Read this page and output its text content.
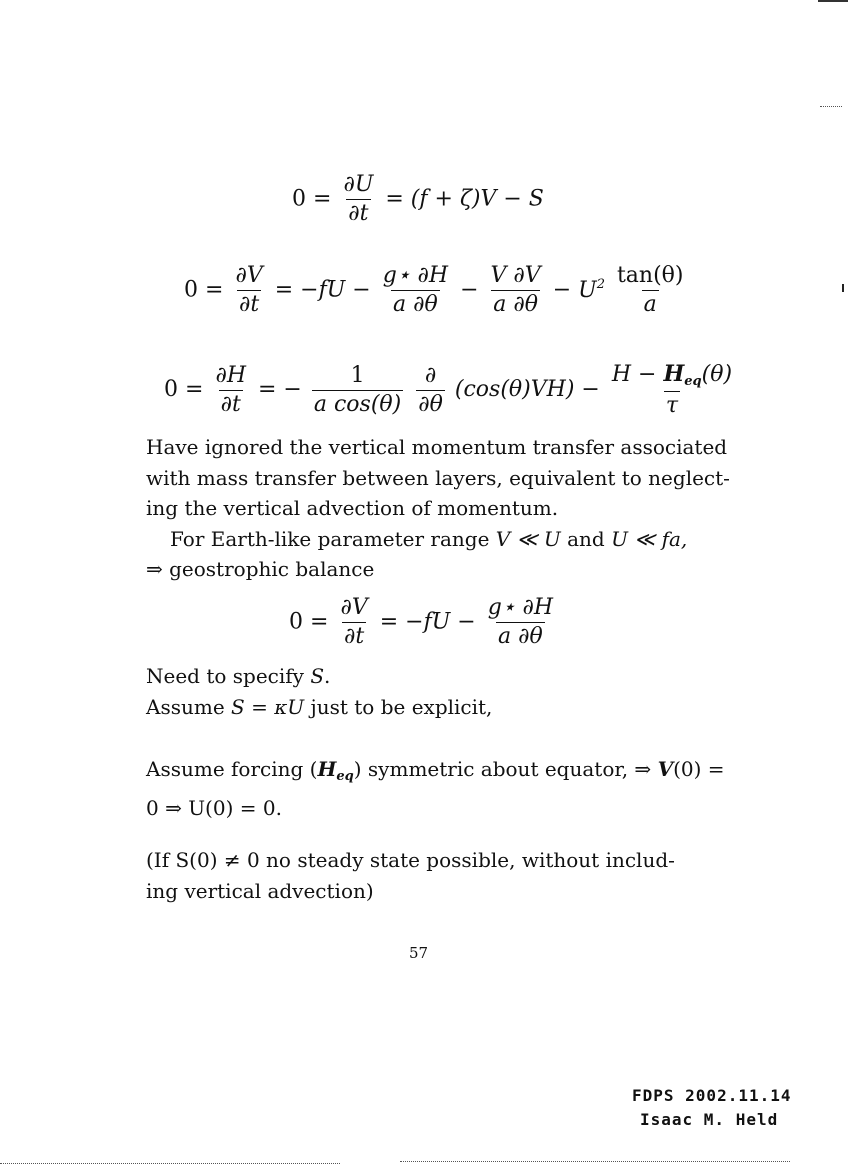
$0 = \frac{\partial U}{\partial t} = (f + \zeta)V - S$
$0 = \frac{\partial V}{\partial t} = -fU - \frac{g⋆ \partial H}{a \partial\theta} - \frac{V \partial V}{a \partial\theta} - U^2 \frac{\tan(\theta)}{a}$
$0 = \frac{\partial H}{\partial t}$ = − $\frac{1}{\text{a cos(θ)}}$
$\frac{\partial}{\partial\theta} (\cos(\theta)VH) - \frac{H - H_{eq}(\theta)}{\tau}$
Have ignored the vertical momentum transfer associated
with mass transfer between layers, equivalent to neglect-
ing the vertical advection of momentum.
For Earth-like parameter range V ≪ U and U ≪ fa,
⇒ geostrophic balance
$0 = \frac{\partial V}{\partial t} = -fU - \frac{g⋆ \partial H}{a \partial\theta}$
Need to specify S.
Assume S = κU just to be explicit,
Assume forcing $(H_{eq})$ symmetric about equator, ⇒ V(0) =
0 ⇒ U(0) = 0.
(If S(0) ≠ 0 no steady state possible, without includ-
ing vertical advection)
57
FDPS 2002.11.14
Isaac M. Held
